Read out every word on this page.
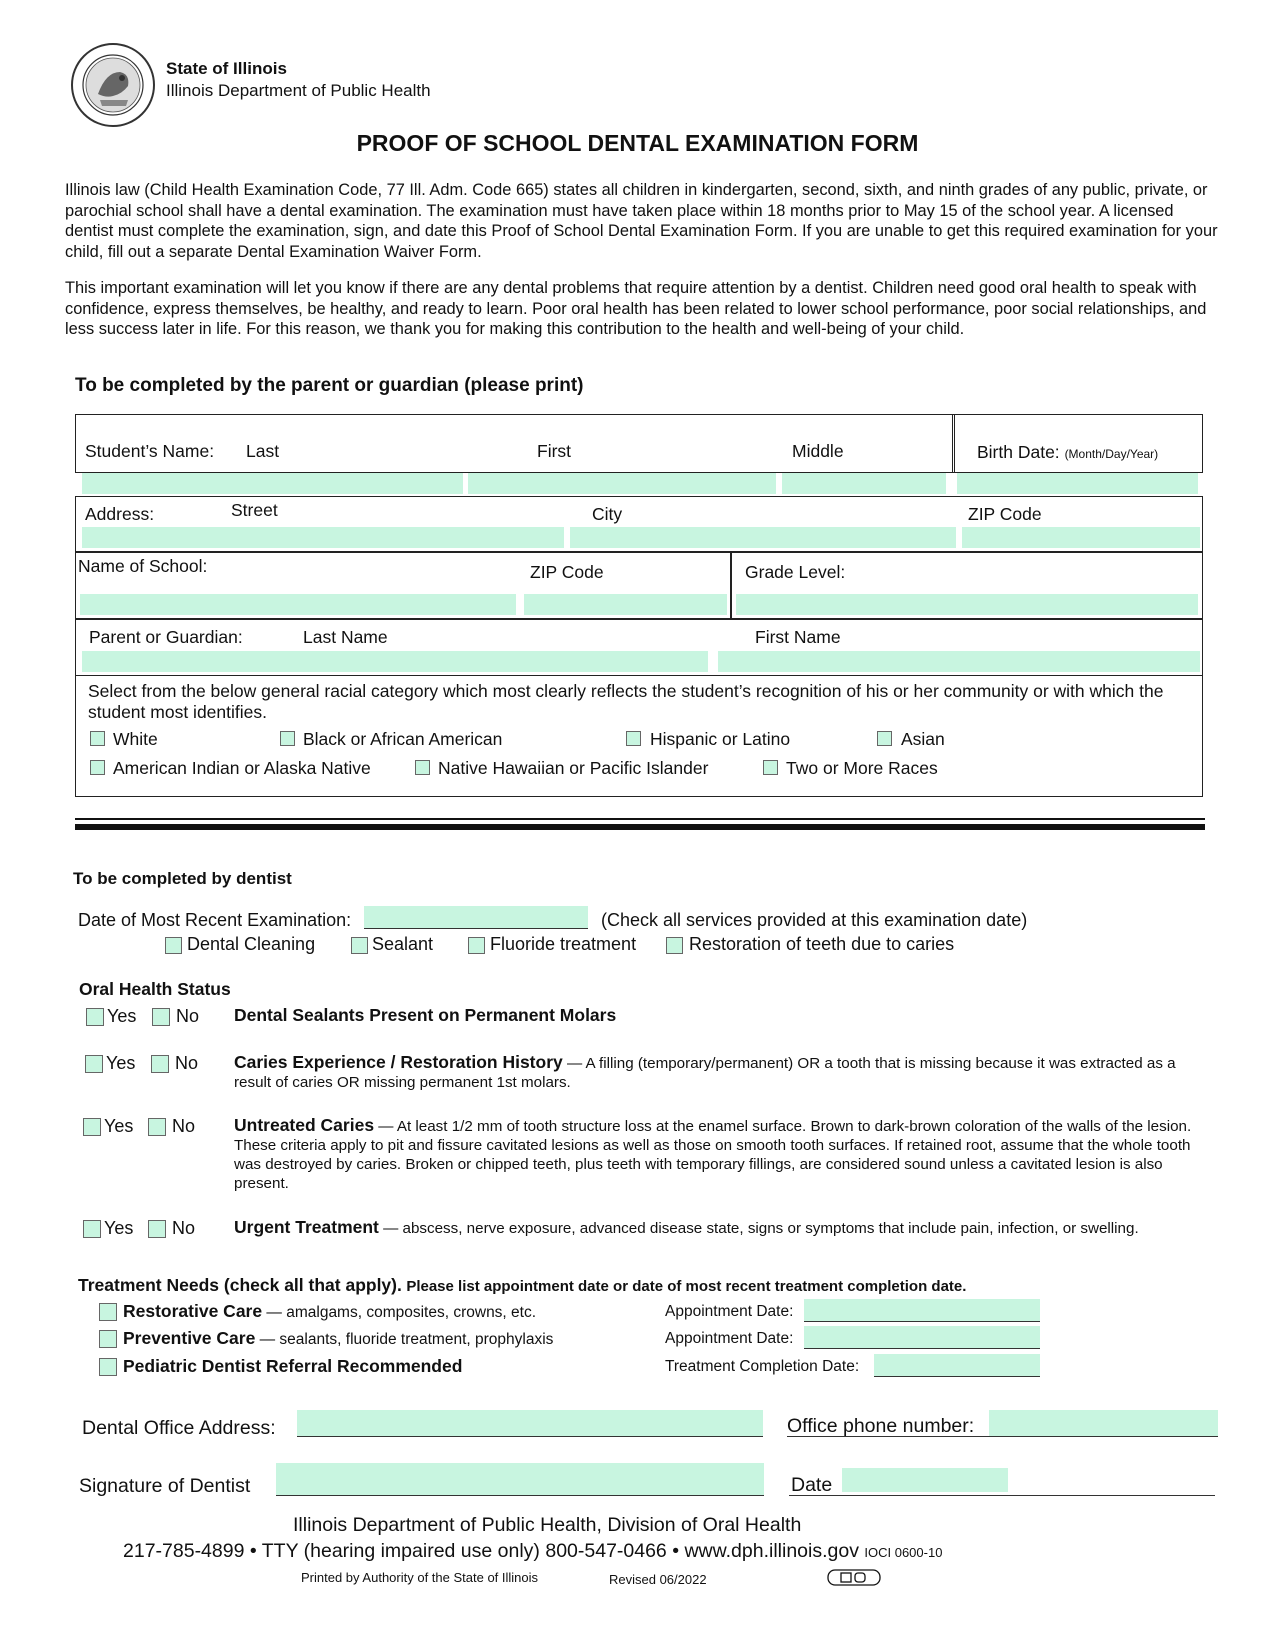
State of Illinois
Illinois Department of Public Health
PROOF OF SCHOOL DENTAL EXAMINATION FORM
Illinois law (Child Health Examination Code, 77 Ill. Adm. Code 665) states all children in kindergarten, second, sixth, and ninth grades of any public, private, or parochial school shall have a dental examination. The examination must have taken place within 18 months prior to May 15 of the school year. A licensed dentist must complete the examination, sign, and date this Proof of School Dental Examination Form. If you are unable to get this required examination for your child, fill out a separate Dental Examination Waiver Form.
This important examination will let you know if there are any dental problems that require attention by a dentist. Children need good oral health to speak with confidence, express themselves, be healthy, and ready to learn. Poor oral health has been related to lower school performance, poor social relationships, and less success later in life. For this reason, we thank you for making this contribution to the health and well-being of your child.
To be completed by the parent or guardian (please print)
Student’s Name: Last	First	Middle	Birth Date: (Month/Day/Year)
Address:	Street	City	ZIP Code
Name of School:	ZIP Code	Grade Level:
Parent or Guardian:	Last Name	First Name
Select from the below general racial category which most clearly reflects the student’s recognition of his or her community or with which the student most identifies.
White	Black or African American	Hispanic or Latino	Asian
American Indian or Alaska Native	Native Hawaiian or Pacific Islander	Two or More Races
To be completed by dentist
Date of Most Recent Examination:	(Check all services provided at this examination date)
Dental Cleaning	Sealant	Fluoride treatment	Restoration of teeth due to caries
Oral Health Status
Yes No Dental Sealants Present on Permanent Molars
Yes No Caries Experience / Restoration History — A filling (temporary/permanent) OR a tooth that is missing because it was extracted as a result of caries OR missing permanent 1st molars.
Yes No Untreated Caries — At least 1/2 mm of tooth structure loss at the enamel surface. Brown to dark-brown coloration of the walls of the lesion. These criteria apply to pit and fissure cavitated lesions as well as those on smooth tooth surfaces. If retained root, assume that the whole tooth was destroyed by caries. Broken or chipped teeth, plus teeth with temporary fillings, are considered sound unless a cavitated lesion is also present.
Yes No Urgent Treatment — abscess, nerve exposure, advanced disease state, signs or symptoms that include pain, infection, or swelling.
Treatment Needs (check all that apply). Please list appointment date or date of most recent treatment completion date.
Restorative Care — amalgams, composites, crowns, etc.	Appointment Date:
Preventive Care — sealants, fluoride treatment, prophylaxis	Appointment Date:
Pediatric Dentist Referral Recommended	Treatment Completion Date:
Dental Office Address:	Office phone number:
Signature of Dentist	Date
Illinois Department of Public Health, Division of Oral Health
217-785-4899 • TTY (hearing impaired use only) 800-547-0466 • www.dph.illinois.gov IOCI 0600-10
Printed by Authority of the State of Illinois	Revised 06/2022
